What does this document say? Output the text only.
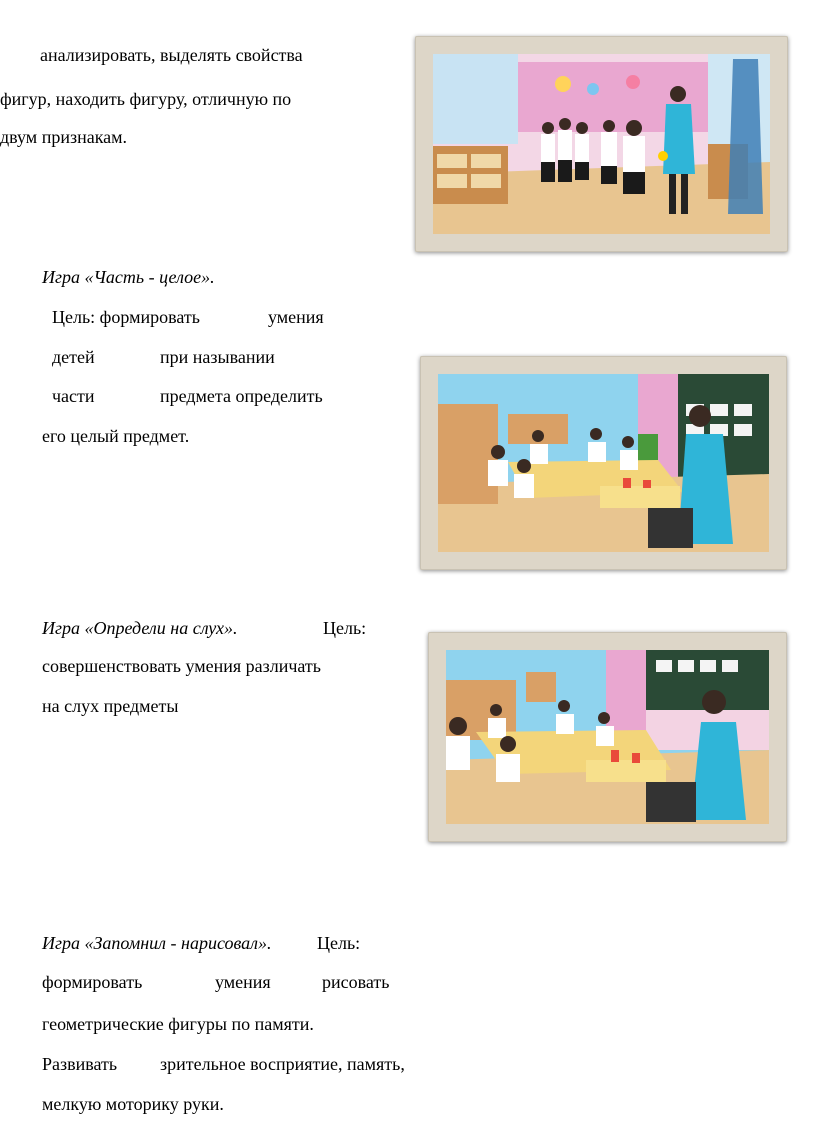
анализировать, выделять свойства
фигур, находить фигуру, отличную по
двум признакам.
Игра «Часть - целое».
Цель: формировать	умения
детей	при назывании
части	предмета определить
его целый предмет.
Игра «Определи на слух».	Цель:
совершенствовать умения различать
на слух предметы
Игра «Запомнил - нарисовал».	Цель:
формировать	умения	рисовать
геометрические фигуры по памяти.
Развивать зрительное восприятие, память,
мелкую моторику руки.
